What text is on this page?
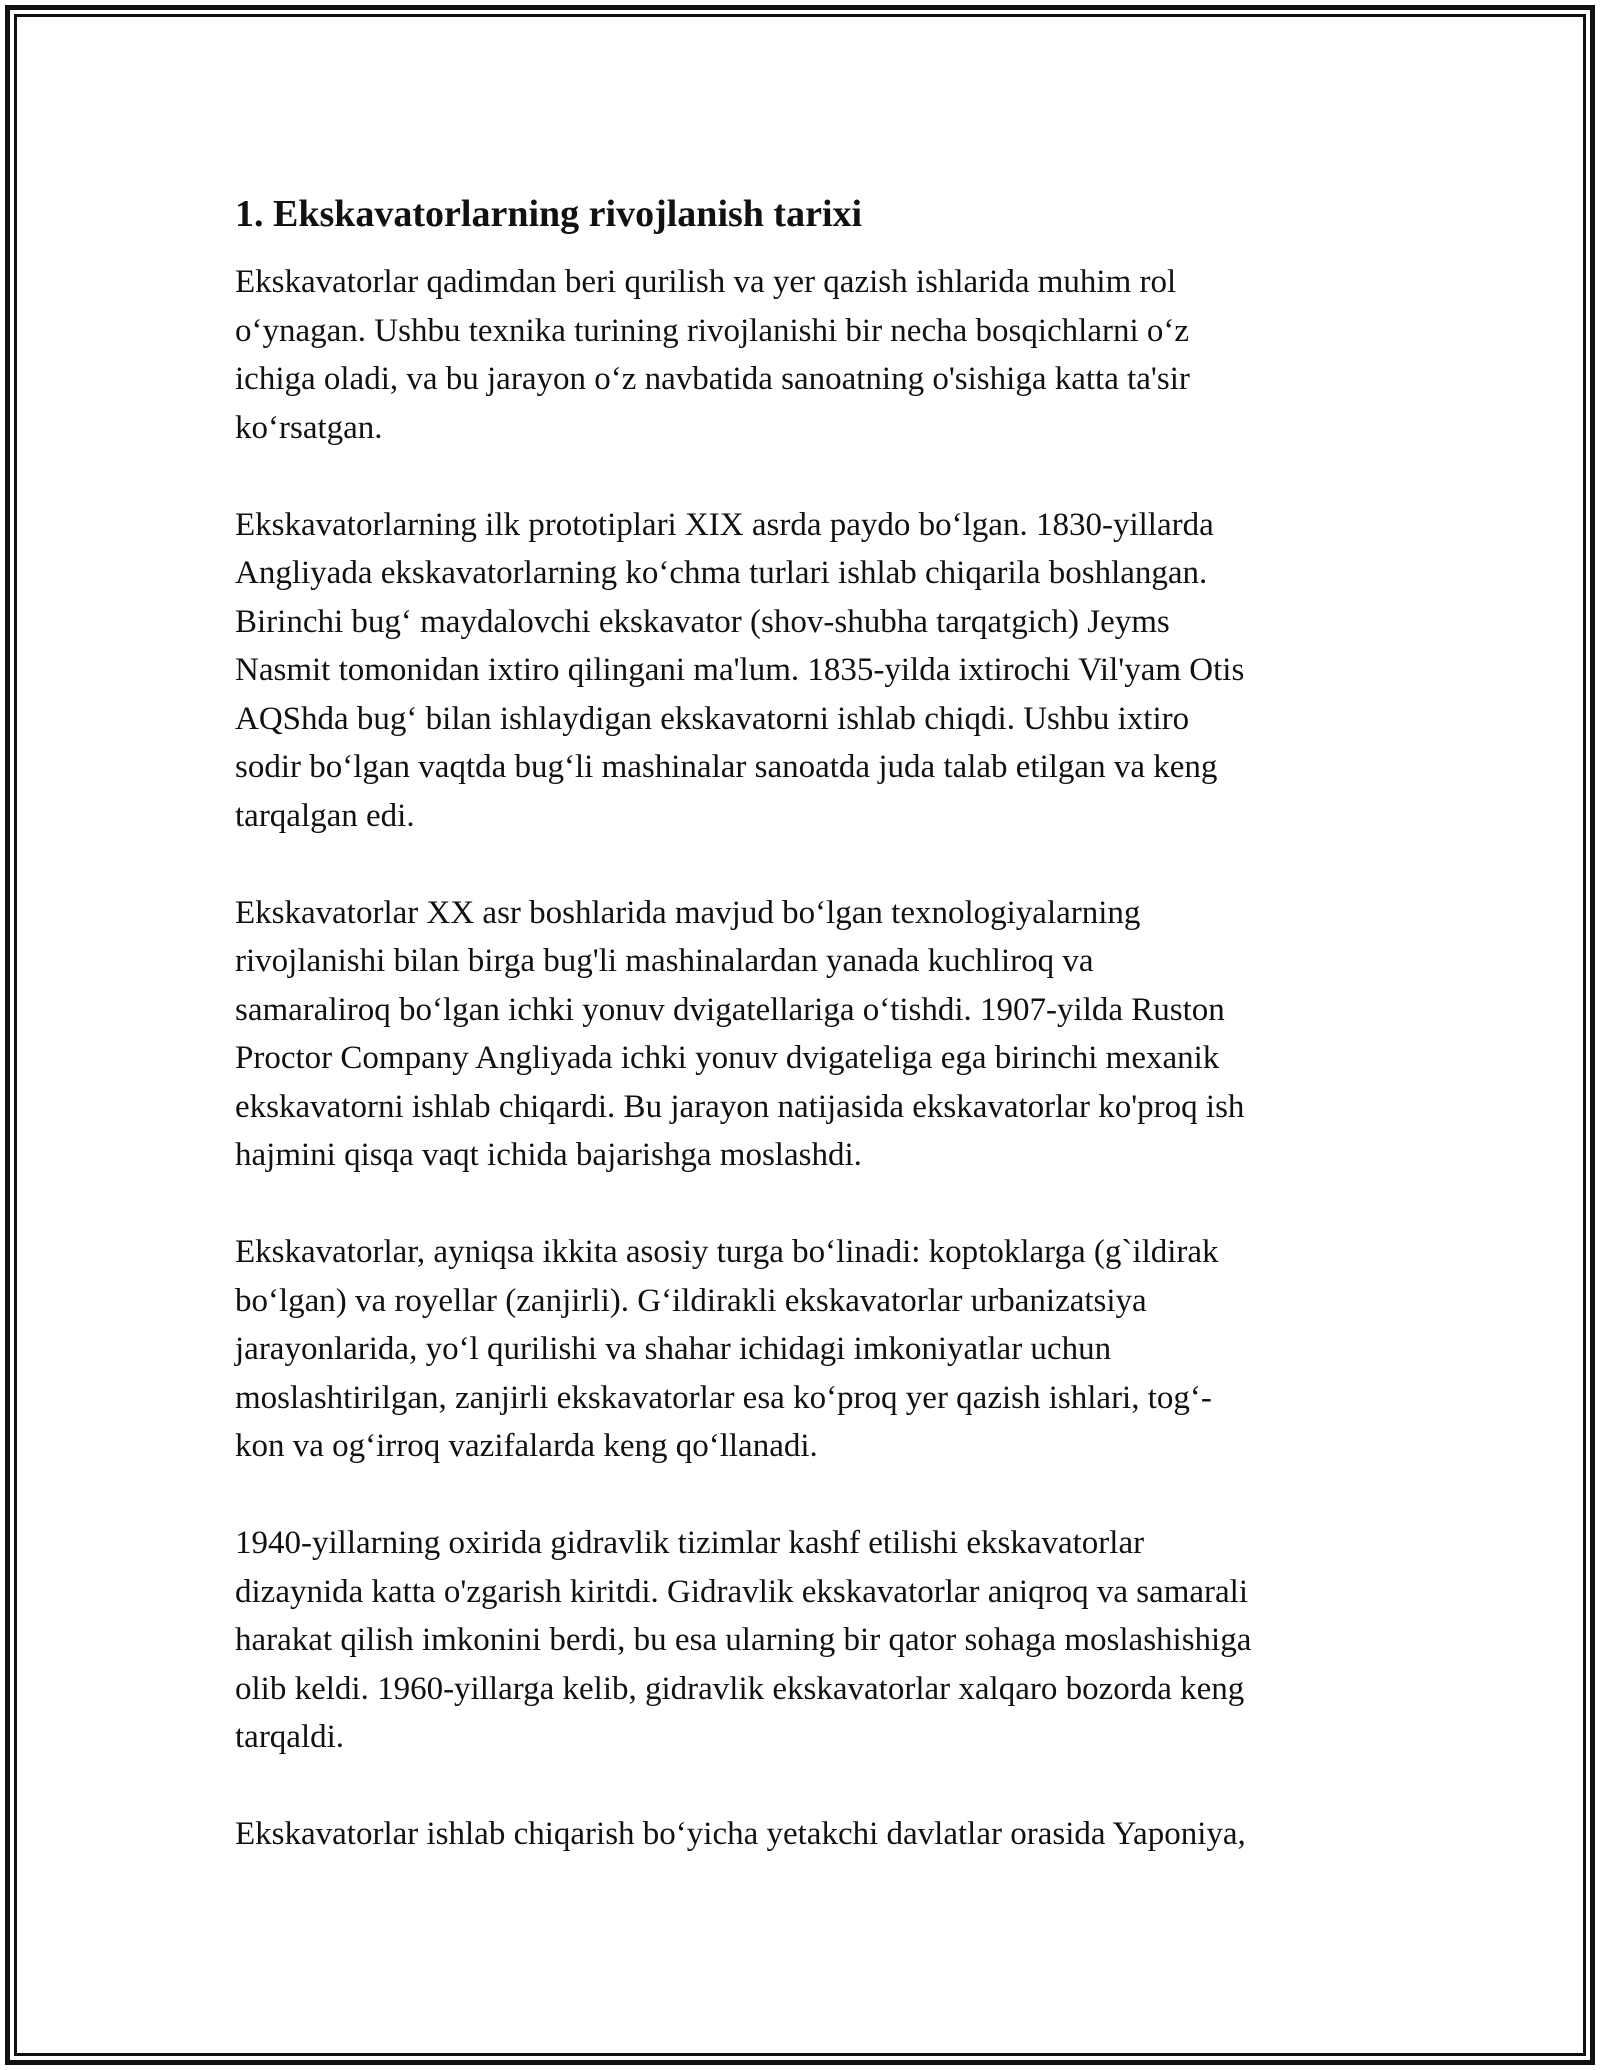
1. Ekskavatorlarning rivojlanish tarixi

Ekskavatorlar qadimdan beri qurilish va yer qazish ishlarida muhim rol
o‘ynagan. Ushbu texnika turining rivojlanishi bir necha bosqichlarni o‘z
ichiga oladi, va bu jarayon o‘z navbatida sanoatning o'sishiga katta ta'sir
ko‘rsatgan.

Ekskavatorlarning ilk prototiplari XIX asrda paydo bo‘lgan. 1830-yillarda
Angliyada ekskavatorlarning ko‘chma turlari ishlab chiqarila boshlangan.
Birinchi bug‘ maydalovchi ekskavator (shov-shubha tarqatgich) Jeyms
Nasmit tomonidan ixtiro qilingani ma'lum. 1835-yilda ixtirochi Vil'yam Otis
AQShda bug‘ bilan ishlaydigan ekskavatorni ishlab chiqdi. Ushbu ixtiro
sodir bo‘lgan vaqtda bug‘li mashinalar sanoatda juda talab etilgan va keng
tarqalgan edi.

Ekskavatorlar XX asr boshlarida mavjud bo‘lgan texnologiyalarning
rivojlanishi bilan birga bug'li mashinalardan yanada kuchliroq va
samaraliroq bo‘lgan ichki yonuv dvigatellariga o‘tishdi. 1907-yilda Ruston
Proctor Company Angliyada ichki yonuv dvigateliga ega birinchi mexanik
ekskavatorni ishlab chiqardi. Bu jarayon natijasida ekskavatorlar ko'proq ish
hajmini qisqa vaqt ichida bajarishga moslashdi.

Ekskavatorlar, ayniqsa ikkita asosiy turga bo‘linadi: koptoklarga (g`ildirak
bo‘lgan) va royellar (zanjirli). G‘ildirakli ekskavatorlar urbanizatsiya
jarayonlarida, yo‘l qurilishi va shahar ichidagi imkoniyatlar uchun
moslashtirilgan, zanjirli ekskavatorlar esa ko‘proq yer qazish ishlari, tog‘-
kon va og‘irroq vazifalarda keng qo‘llanadi.

1940-yillarning oxirida gidravlik tizimlar kashf etilishi ekskavatorlar
dizaynida katta o'zgarish kiritdi. Gidravlik ekskavatorlar aniqroq va samarali
harakat qilish imkonini berdi, bu esa ularning bir qator sohaga moslashishiga
olib keldi. 1960-yillarga kelib, gidravlik ekskavatorlar xalqaro bozorda keng
tarqaldi.

Ekskavatorlar ishlab chiqarish bo‘yicha yetakchi davlatlar orasida Yaponiya,
